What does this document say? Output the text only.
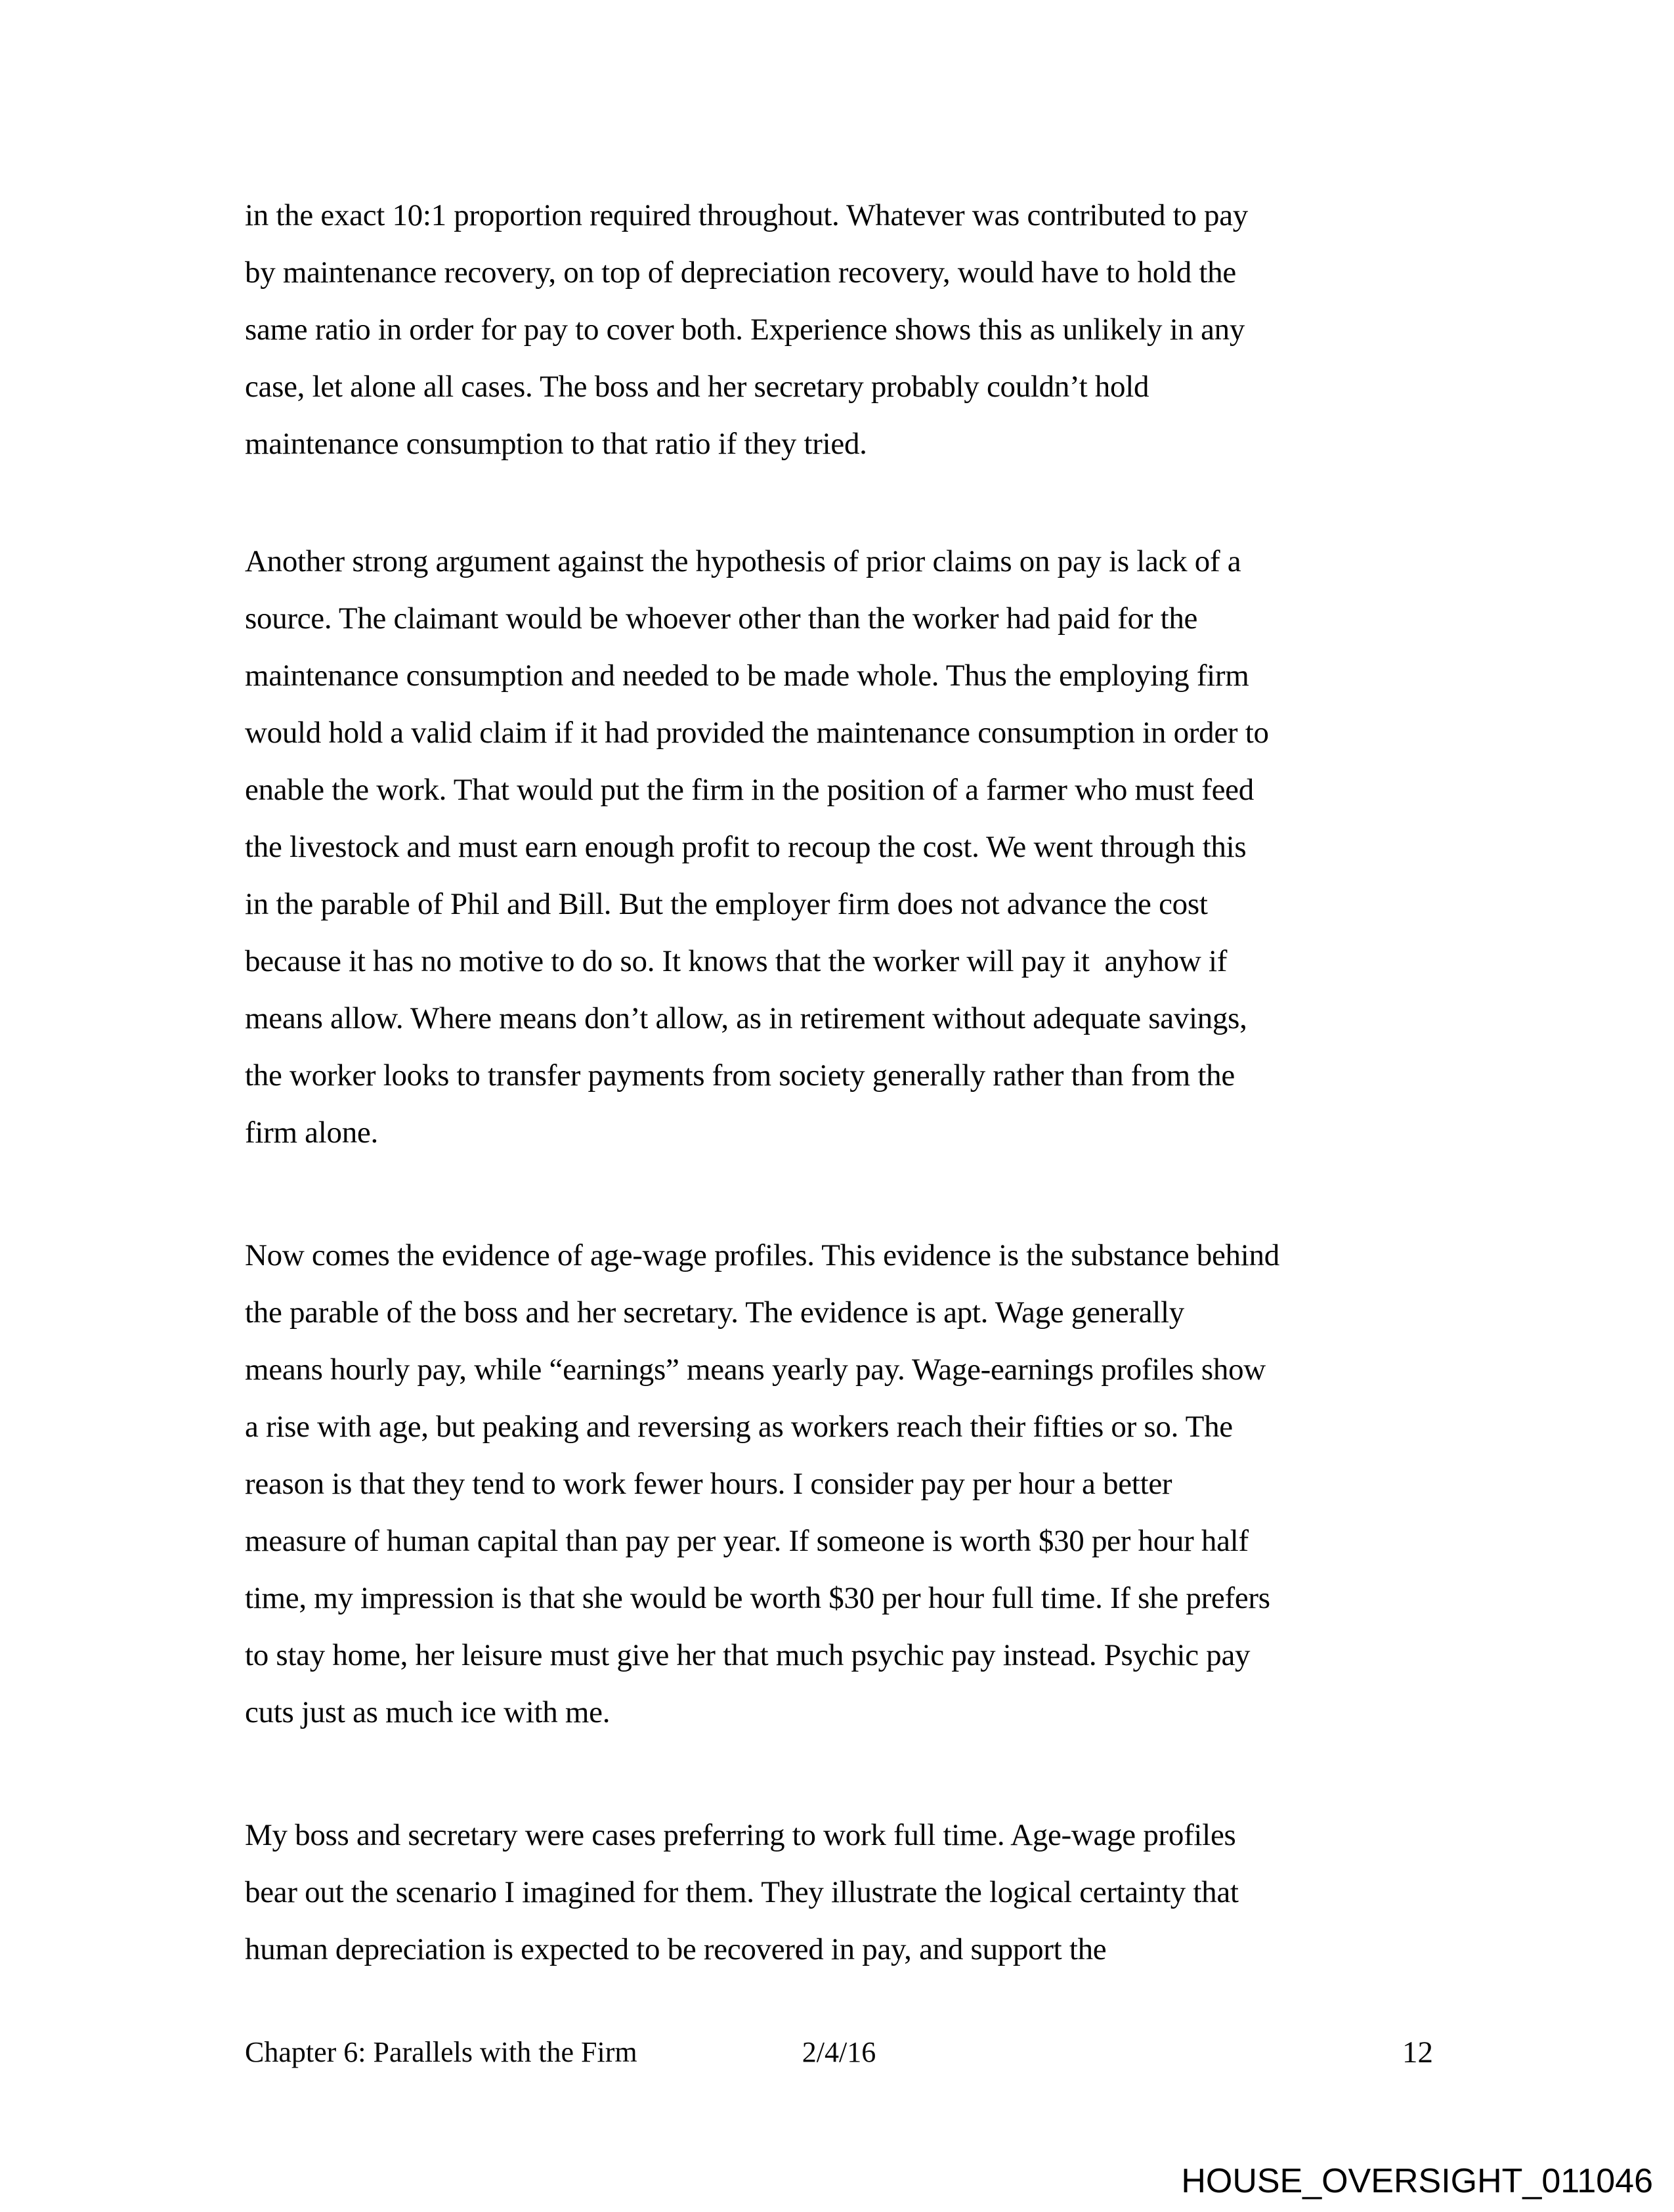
in the exact 10:1 proportion required throughout. Whatever was contributed to pay
by maintenance recovery, on top of depreciation recovery, would have to hold the
same ratio in order for pay to cover both. Experience shows this as unlikely in any
case, let alone all cases. The boss and her secretary probably couldn’t hold
maintenance consumption to that ratio if they tried.
Another strong argument against the hypothesis of prior claims on pay is lack of a
source. The claimant would be whoever other than the worker had paid for the
maintenance consumption and needed to be made whole. Thus the employing firm
would hold a valid claim if it had provided the maintenance consumption in order to
enable the work. That would put the firm in the position of a farmer who must feed
the livestock and must earn enough profit to recoup the cost. We went through this
in the parable of Phil and Bill. But the employer firm does not advance the cost
because it has no motive to do so. It knows that the worker will pay it  anyhow if
means allow. Where means don’t allow, as in retirement without adequate savings,
the worker looks to transfer payments from society generally rather than from the
firm alone.
Now comes the evidence of age-wage profiles. This evidence is the substance behind
the parable of the boss and her secretary. The evidence is apt. Wage generally
means hourly pay, while “earnings” means yearly pay. Wage-earnings profiles show
a rise with age, but peaking and reversing as workers reach their fifties or so. The
reason is that they tend to work fewer hours. I consider pay per hour a better
measure of human capital than pay per year. If someone is worth $30 per hour half
time, my impression is that she would be worth $30 per hour full time. If she prefers
to stay home, her leisure must give her that much psychic pay instead. Psychic pay
cuts just as much ice with me.
My boss and secretary were cases preferring to work full time. Age-wage profiles
bear out the scenario I imagined for them. They illustrate the logical certainty that
human depreciation is expected to be recovered in pay, and support the
Chapter 6: Parallels with the Firm	2/4/16	12
HOUSE_OVERSIGHT_011046
